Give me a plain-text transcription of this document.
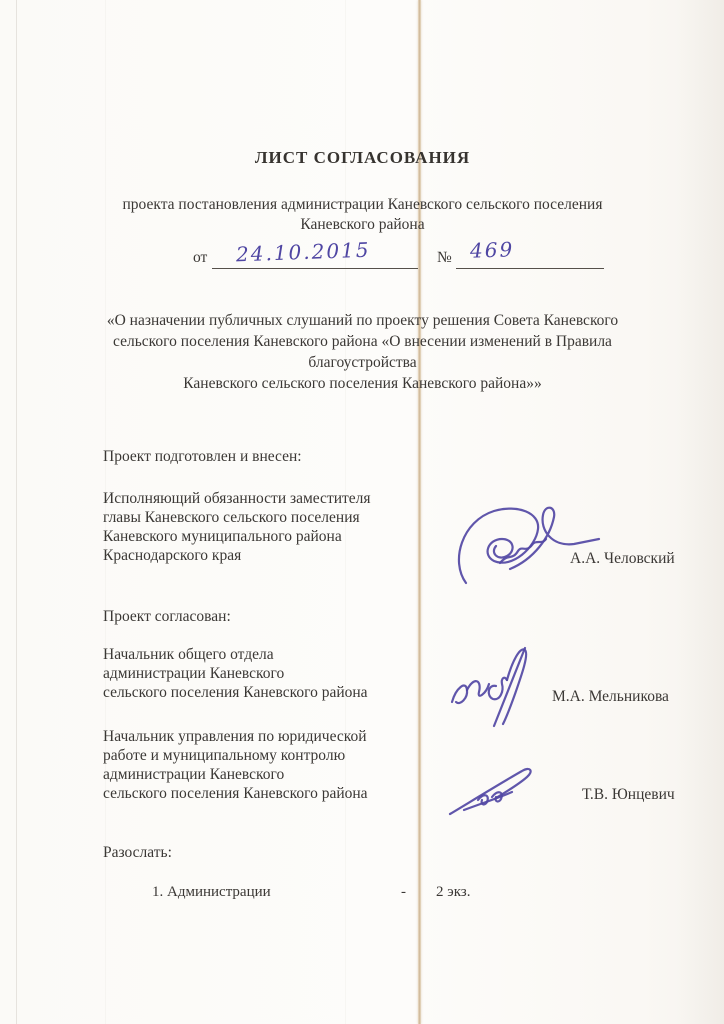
ЛИСТ СОГЛАСОВАНИЯ
проекта постановления администрации Каневского сельского поселения
Каневского района
от 24.10.2015	№ 469
«О назначении публичных слушаний по проекту решения Совета Каневского
сельского поселения Каневского района «О внесении изменений в Правила
благоустройства
Каневского сельского поселения Каневского района»»
Проект подготовлен и внесен:
Исполняющий обязанности заместителя
главы Каневского сельского поселения
Каневского муниципального района
Краснодарского края	А.А. Человский
Проект согласован:
Начальник общего отдела
администрации Каневского
сельского поселения Каневского района	М.А. Мельникова
Начальник управления по юридической
работе и муниципальному контролю
администрации Каневского
сельского поселения Каневского района	Т.В. Юнцевич
Разослать:
1. Администрации	- 2 экз.
